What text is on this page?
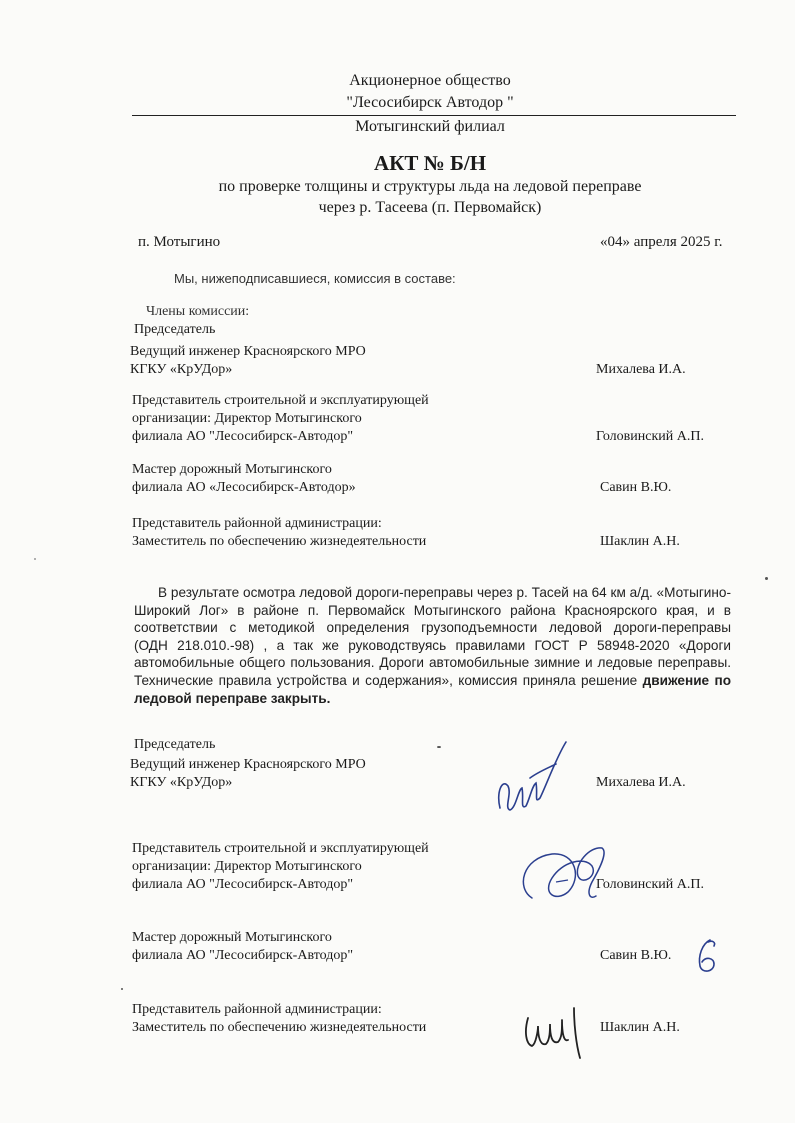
Акционерное общество
"Лесосибирск Автодор "
Мотыгинский филиал
АКТ № Б/Н
по проверке толщины и структуры льда на ледовой переправе
через р. Тасеева (п. Первомайск)
п. Мотыгино	«04» апреля 2025 г.
Мы, нижеподписавшиеся, комиссия в составе:
Члены комиссии:
Председатель
Ведущий инженер Красноярского МРО
КГКУ «КрУДор»	Михалева И.А.
Представитель строительной и эксплуатирующей
организации: Директор Мотыгинского
филиала АО "Лесосибирск-Автодор"	Головинский А.П.
Мастер дорожный Мотыгинского
филиала АО «Лесосибирск-Автодор»	Савин В.Ю.
Представитель районной администрации:
Заместитель по обеспечению жизнедеятельности	Шаклин А.Н.
В результате осмотра ледовой дороги-переправы через р. Тасей на 64 км а/д. «Мотыгино-
Широкий Лог» в районе п. Первомайск Мотыгинского района Красноярского края, и в
соответствии с методикой определения грузоподъемности ледовой дороги-переправы
(ОДН 218.010.-98) , а так же руководствуясь правилами ГОСТ Р 58948-2020 «Дороги
автомобильные общего пользования. Дороги автомобильные зимние и ледовые переправы.
Технические правила устройства и содержания», комиссия приняла решение движение по
ледовой переправе закрыть.
Председатель
Ведущий инженер Красноярского МРО
КГКУ «КрУДор»	Михалева И.А.
Представитель строительной и эксплуатирующей
организации: Директор Мотыгинского
филиала АО "Лесосибирск-Автодор"	Головинский А.П.
Мастер дорожный Мотыгинского
филиала АО "Лесосибирск-Автодор"	Савин В.Ю.
Представитель районной администрации:
Заместитель по обеспечению жизнедеятельности	Шаклин А.Н.
